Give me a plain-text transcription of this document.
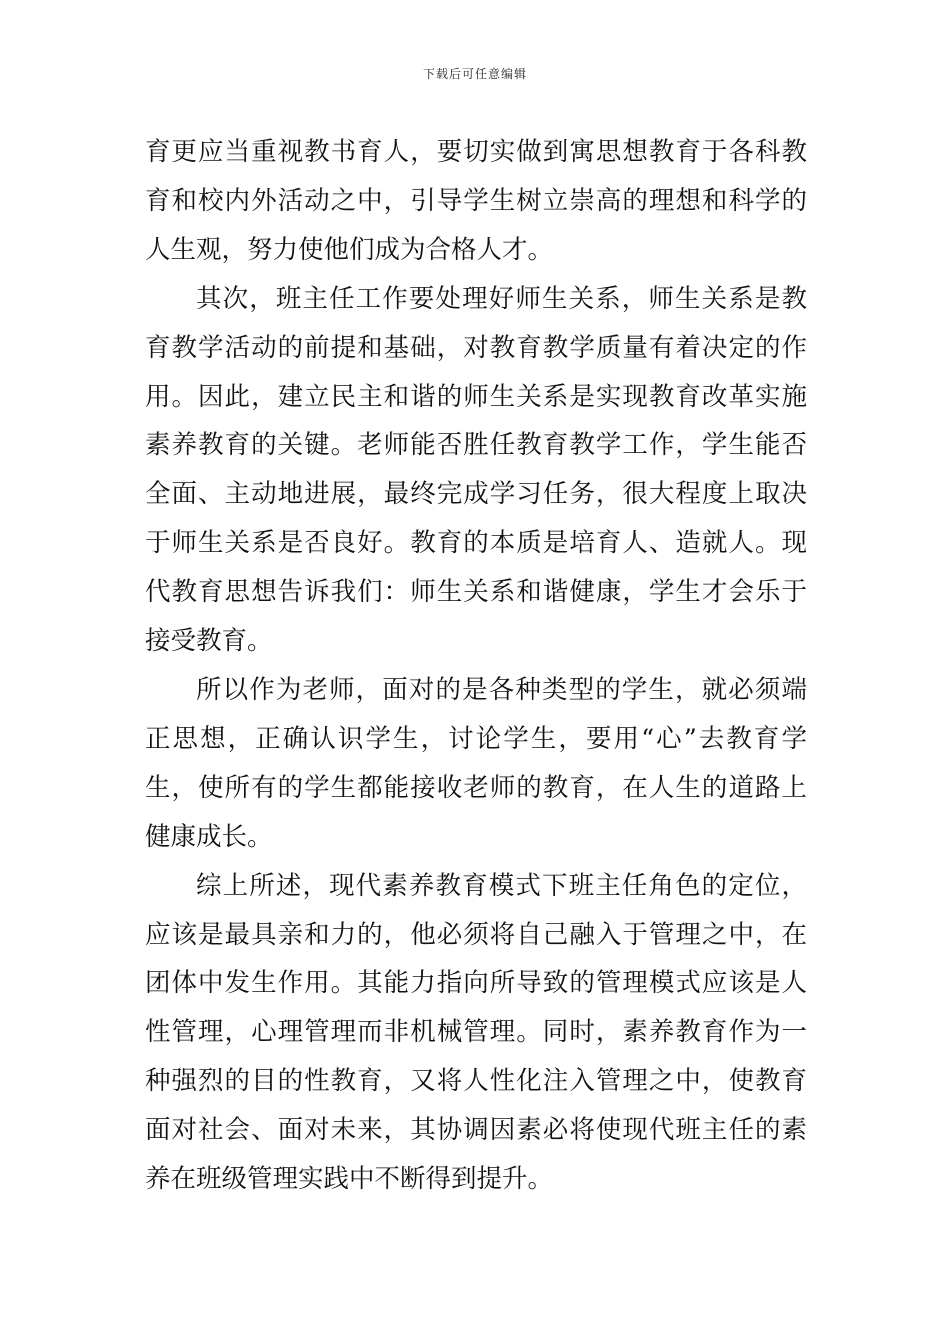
下载后可任意编辑

育更应当重视教书育人，要切实做到寓思想教育于各科教育和校内外活动之中，引导学生树立崇高的理想和科学的人生观，努力使他们成为合格人才。

其次，班主任工作要处理好师生关系，师生关系是教育教学活动的前提和基础，对教育教学质量有着决定的作用。因此，建立民主和谐的师生关系是实现教育改革实施素养教育的关键。老师能否胜任教育教学工作，学生能否全面、主动地进展，最终完成学习任务，很大程度上取决于师生关系是否良好。教育的本质是培育人、造就人。现代教育思想告诉我们：师生关系和谐健康，学生才会乐于接受教育。

所以作为老师，面对的是各种类型的学生，就必须端正思想，正确认识学生，讨论学生，要用“心”去教育学生，使所有的学生都能接收老师的教育，在人生的道路上健康成长。

综上所述，现代素养教育模式下班主任角色的定位，应该是最具亲和力的，他必须将自己融入于管理之中，在团体中发生作用。其能力指向所导致的管理模式应该是人性管理，心理管理而非机械管理。同时，素养教育作为一种强烈的目的性教育，又将人性化注入管理之中，使教育面对社会、面对未来，其协调因素必将使现代班主任的素养在班级管理实践中不断得到提升。
